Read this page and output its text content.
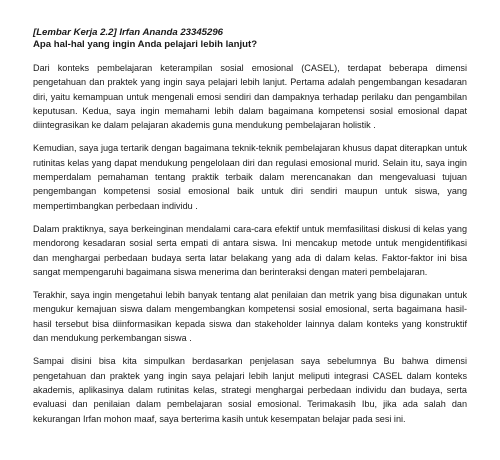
[Lembar Kerja 2.2] Irfan Ananda 23345296
Apa hal-hal yang ingin Anda pelajari lebih lanjut?

Dari konteks pembelajaran keterampilan sosial emosional (CASEL), terdapat beberapa dimensi pengetahuan dan praktek yang ingin saya pelajari lebih lanjut. Pertama adalah pengembangan kesadaran diri, yaitu kemampuan untuk mengenali emosi sendiri dan dampaknya terhadap perilaku dan pengambilan keputusan. Kedua, saya ingin memahami lebih dalam bagaimana kompetensi sosial emosional dapat diintegrasikan ke dalam pelajaran akademis guna mendukung pembelajaran holistik .

Kemudian, saya juga tertarik dengan bagaimana teknik-teknik pembelajaran khusus dapat diterapkan untuk rutinitas kelas yang dapat mendukung pengelolaan diri dan regulasi emosional murid. Selain itu, saya ingin memperdalam pemahaman tentang praktik terbaik dalam merencanakan dan mengevaluasi tujuan pengembangan kompetensi sosial emosional baik untuk diri sendiri maupun untuk siswa, yang mempertimbangkan perbedaan individu .

Dalam praktiknya, saya berkeinginan mendalami cara-cara efektif untuk memfasilitasi diskusi di kelas yang mendorong kesadaran sosial serta empati di antara siswa. Ini mencakup metode untuk mengidentifikasi dan menghargai perbedaan budaya serta latar belakang yang ada di dalam kelas. Faktor-faktor ini bisa sangat mempengaruhi bagaimana siswa menerima dan berinteraksi dengan materi pembelajaran.

Terakhir, saya ingin mengetahui lebih banyak tentang alat penilaian dan metrik yang bisa digunakan untuk mengukur kemajuan siswa dalam mengembangkan kompetensi sosial emosional, serta bagaimana hasil-hasil tersebut bisa diinformasikan kepada siswa dan stakeholder lainnya dalam konteks yang konstruktif dan mendukung perkembangan siswa .

Sampai disini bisa kita simpulkan berdasarkan penjelasan saya sebelumnya Bu bahwa dimensi pengetahuan dan praktek yang ingin saya pelajari lebih lanjut meliputi integrasi CASEL dalam konteks akademis, aplikasinya dalam rutinitas kelas, strategi menghargai perbedaan individu dan budaya, serta evaluasi dan penilaian dalam pembelajaran sosial emosional. Terimakasih Ibu, jika ada salah dan kekurangan Irfan mohon maaf, saya berterima kasih untuk kesempatan belajar pada sesi ini.
